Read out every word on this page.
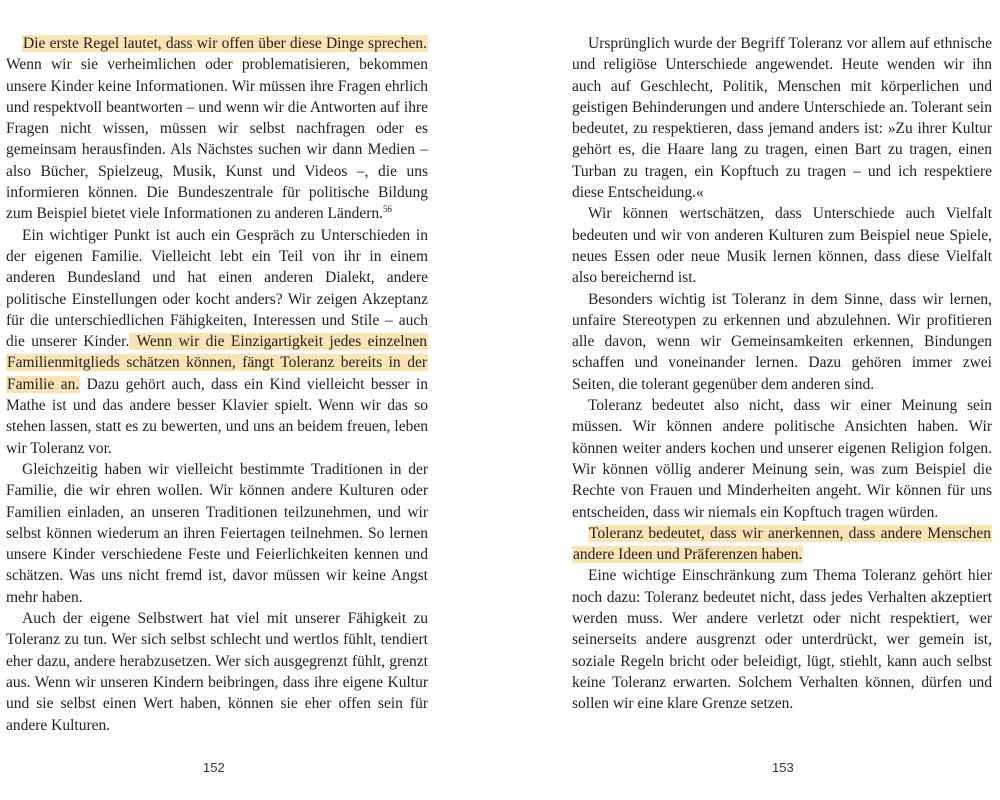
Die erste Regel lautet, dass wir offen über diese Dinge sprechen. Wenn wir sie verheimlichen oder problematisieren, bekommen unsere Kinder keine Informationen. Wir müssen ihre Fragen ehrlich und respektvoll beantworten – und wenn wir die Antworten auf ihre Fragen nicht wissen, müssen wir selbst nachfragen oder es gemeinsam herausfinden. Als Nächstes suchen wir dann Medien – also Bücher, Spielzeug, Musik, Kunst und Videos –, die uns informieren können. Die Bundeszentrale für politische Bildung zum Beispiel bietet viele Informationen zu anderen Ländern.$^{56}$

Ein wichtiger Punkt ist auch ein Gespräch zu Unterschieden in der eigenen Familie. Vielleicht lebt ein Teil von ihr in einem anderen Bundesland und hat einen anderen Dialekt, andere politische Einstellungen oder kocht anders? Wir zeigen Akzeptanz für die unterschiedlichen Fähigkeiten, Interessen und Stile – auch die unserer Kinder. Wenn wir die Einzigartigkeit jedes einzelnen Familienmitglieds schätzen können, fängt Toleranz bereits in der Familie an. Dazu gehört auch, dass ein Kind vielleicht besser in Mathe ist und das andere besser Klavier spielt. Wenn wir das so stehen lassen, statt es zu bewerten, und uns an beidem freuen, leben wir Toleranz vor.

Gleichzeitig haben wir vielleicht bestimmte Traditionen in der Familie, die wir ehren wollen. Wir können andere Kulturen oder Familien einladen, an unseren Traditionen teilzunehmen, und wir selbst können wiederum an ihren Feiertagen teilnehmen. So lernen unsere Kinder verschiedene Feste und Feierlichkeiten kennen und schätzen. Was uns nicht fremd ist, davor müssen wir keine Angst mehr haben.

Auch der eigene Selbstwert hat viel mit unserer Fähigkeit zu Toleranz zu tun. Wer sich selbst schlecht und wertlos fühlt, tendiert eher dazu, andere herabzusetzen. Wer sich ausgegrenzt fühlt, grenzt aus. Wenn wir unseren Kindern beibringen, dass ihre eigene Kultur und sie selbst einen Wert haben, können sie eher offen sein für andere Kulturen.

Ursprünglich wurde der Begriff Toleranz vor allem auf ethnische und religiöse Unterschiede angewendet. Heute wenden wir ihn auch auf Geschlecht, Politik, Menschen mit körperlichen und geistigen Behinderungen und andere Unterschiede an. Tolerant sein bedeutet, zu respektieren, dass jemand anders ist: »Zu ihrer Kultur gehört es, die Haare lang zu tragen, einen Bart zu tragen, einen Turban zu tragen, ein Kopftuch zu tragen – und ich respektiere diese Entscheidung.«

Wir können wertschätzen, dass Unterschiede auch Vielfalt bedeuten und wir von anderen Kulturen zum Beispiel neue Spiele, neues Essen oder neue Musik lernen können, dass diese Vielfalt also bereichernd ist.

Besonders wichtig ist Toleranz in dem Sinne, dass wir lernen, unfaire Stereotypen zu erkennen und abzulehnen. Wir profitieren alle davon, wenn wir Gemeinsamkeiten erkennen, Bindungen schaffen und voneinander lernen. Dazu gehören immer zwei Seiten, die tolerant gegenüber dem anderen sind.

Toleranz bedeutet also nicht, dass wir einer Meinung sein müssen. Wir können andere politische Ansichten haben. Wir können weiter anders kochen und unserer eigenen Religion folgen. Wir können völlig anderer Meinung sein, was zum Beispiel die Rechte von Frauen und Minderheiten angeht. Wir können für uns entscheiden, dass wir niemals ein Kopftuch tragen würden.

Toleranz bedeutet, dass wir anerkennen, dass andere Menschen andere Ideen und Präferenzen haben.

Eine wichtige Einschränkung zum Thema Toleranz gehört hier noch dazu: Toleranz bedeutet nicht, dass jedes Verhalten akzeptiert werden muss. Wer andere verletzt oder nicht respektiert, wer seinerseits andere ausgrenzt oder unterdrückt, wer gemein ist, soziale Regeln bricht oder beleidigt, lügt, stiehlt, kann auch selbst keine Toleranz erwarten. Solchem Verhalten können, dürfen und sollen wir eine klare Grenze setzen.

152	153
